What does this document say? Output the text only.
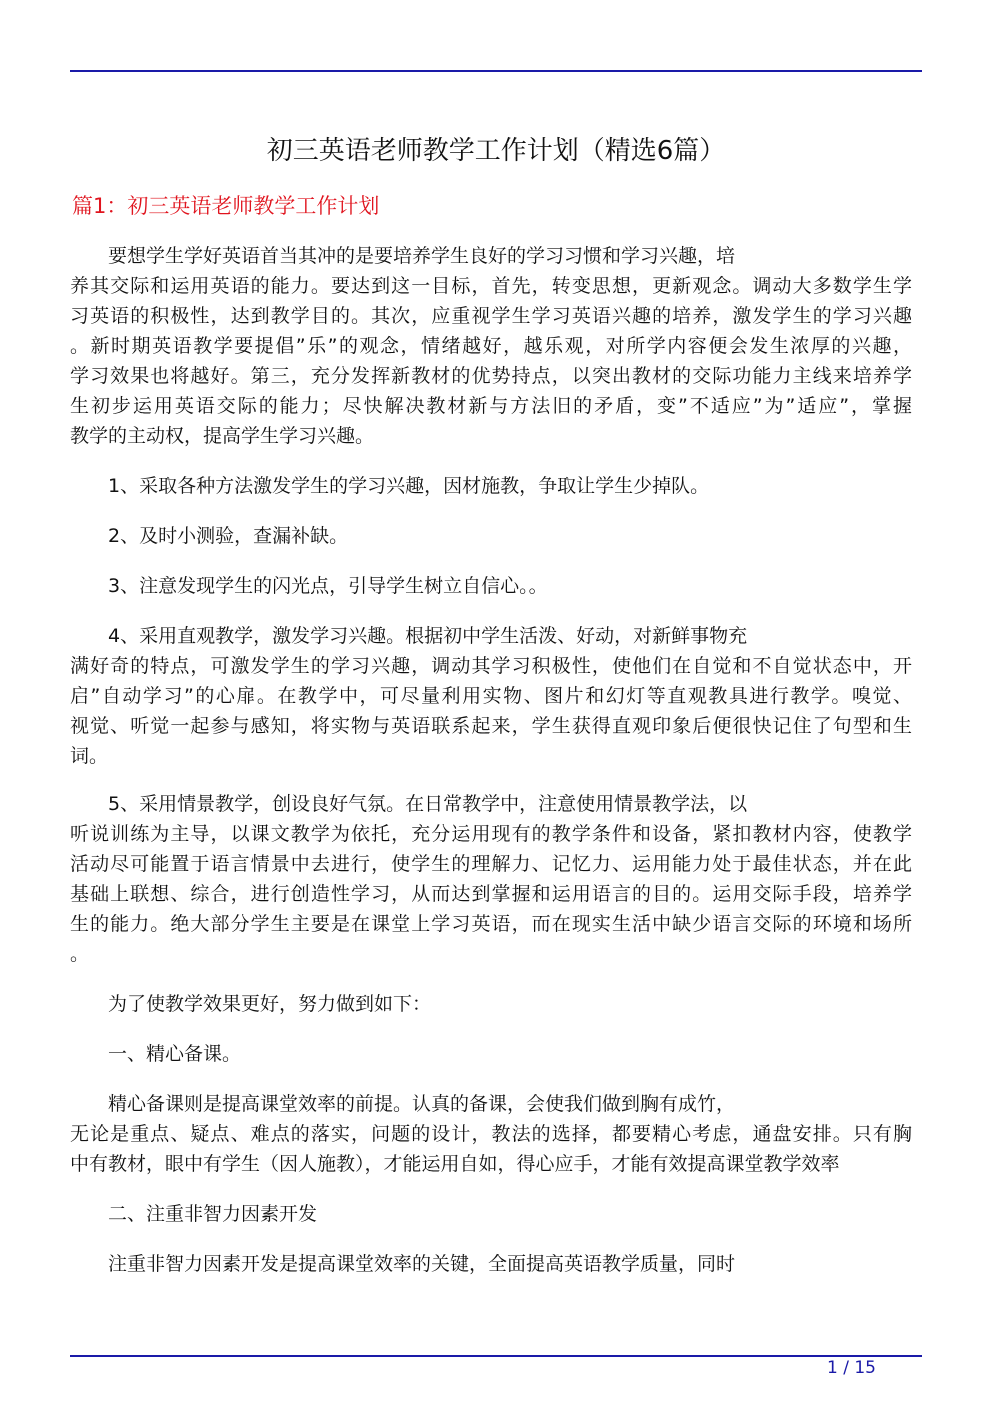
初三英语老师教学工作计划（精选6篇）
篇1：初三英语老师教学工作计划
要想学生学好英语首当其冲的是要培养学生良好的学习习惯和学习兴趣，培
养其交际和运用英语的能力。要达到这一目标，首先，转变思想，更新观念。调动大多数学生学
习英语的积极性，达到教学目的。其次，应重视学生学习英语兴趣的培养，激发学生的学习兴趣
。新时期英语教学要提倡”乐”的观念，情绪越好，越乐观，对所学内容便会发生浓厚的兴趣，
学习效果也将越好。第三，充分发挥新教材的优势持点，以突出教材的交际功能力主线来培养学
生初步运用英语交际的能力；尽快解决教材新与方法旧的矛盾，变”不适应”为”适应”，掌握
教学的主动权，提高学生学习兴趣。
1、采取各种方法激发学生的学习兴趣，因材施教，争取让学生少掉队。
2、及时小测验，查漏补缺。
3、注意发现学生的闪光点，引导学生树立自信心。。
4、采用直观教学，激发学习兴趣。根据初中学生活泼、好动，对新鲜事物充
满好奇的特点，可激发学生的学习兴趣，调动其学习积极性，使他们在自觉和不自觉状态中，开
启”自动学习”的心扉。在教学中，可尽量利用实物、图片和幻灯等直观教具进行教学。嗅觉、
视觉、听觉一起参与感知，将实物与英语联系起来，学生获得直观印象后便很快记住了句型和生
词。
5、采用情景教学，创设良好气氛。在日常教学中，注意使用情景教学法，以
听说训练为主导，以课文教学为依托，充分运用现有的教学条件和设备，紧扣教材内容，使教学
活动尽可能置于语言情景中去进行，使学生的理解力、记忆力、运用能力处于最佳状态，并在此
基础上联想、综合，进行创造性学习，从而达到掌握和运用语言的目的。运用交际手段，培养学
生的能力。绝大部分学生主要是在课堂上学习英语，而在现实生活中缺少语言交际的环境和场所
。
为了使教学效果更好，努力做到如下：
一、精心备课。
精心备课则是提高课堂效率的前提。认真的备课，会使我们做到胸有成竹，
无论是重点、疑点、难点的落实，问题的设计，教法的选择，都要精心考虑，通盘安排。只有胸
中有教材，眼中有学生（因人施教），才能运用自如，得心应手，才能有效提高课堂教学效率
二、注重非智力因素开发
注重非智力因素开发是提高课堂效率的关键，全面提高英语教学质量，同时
1 / 15
